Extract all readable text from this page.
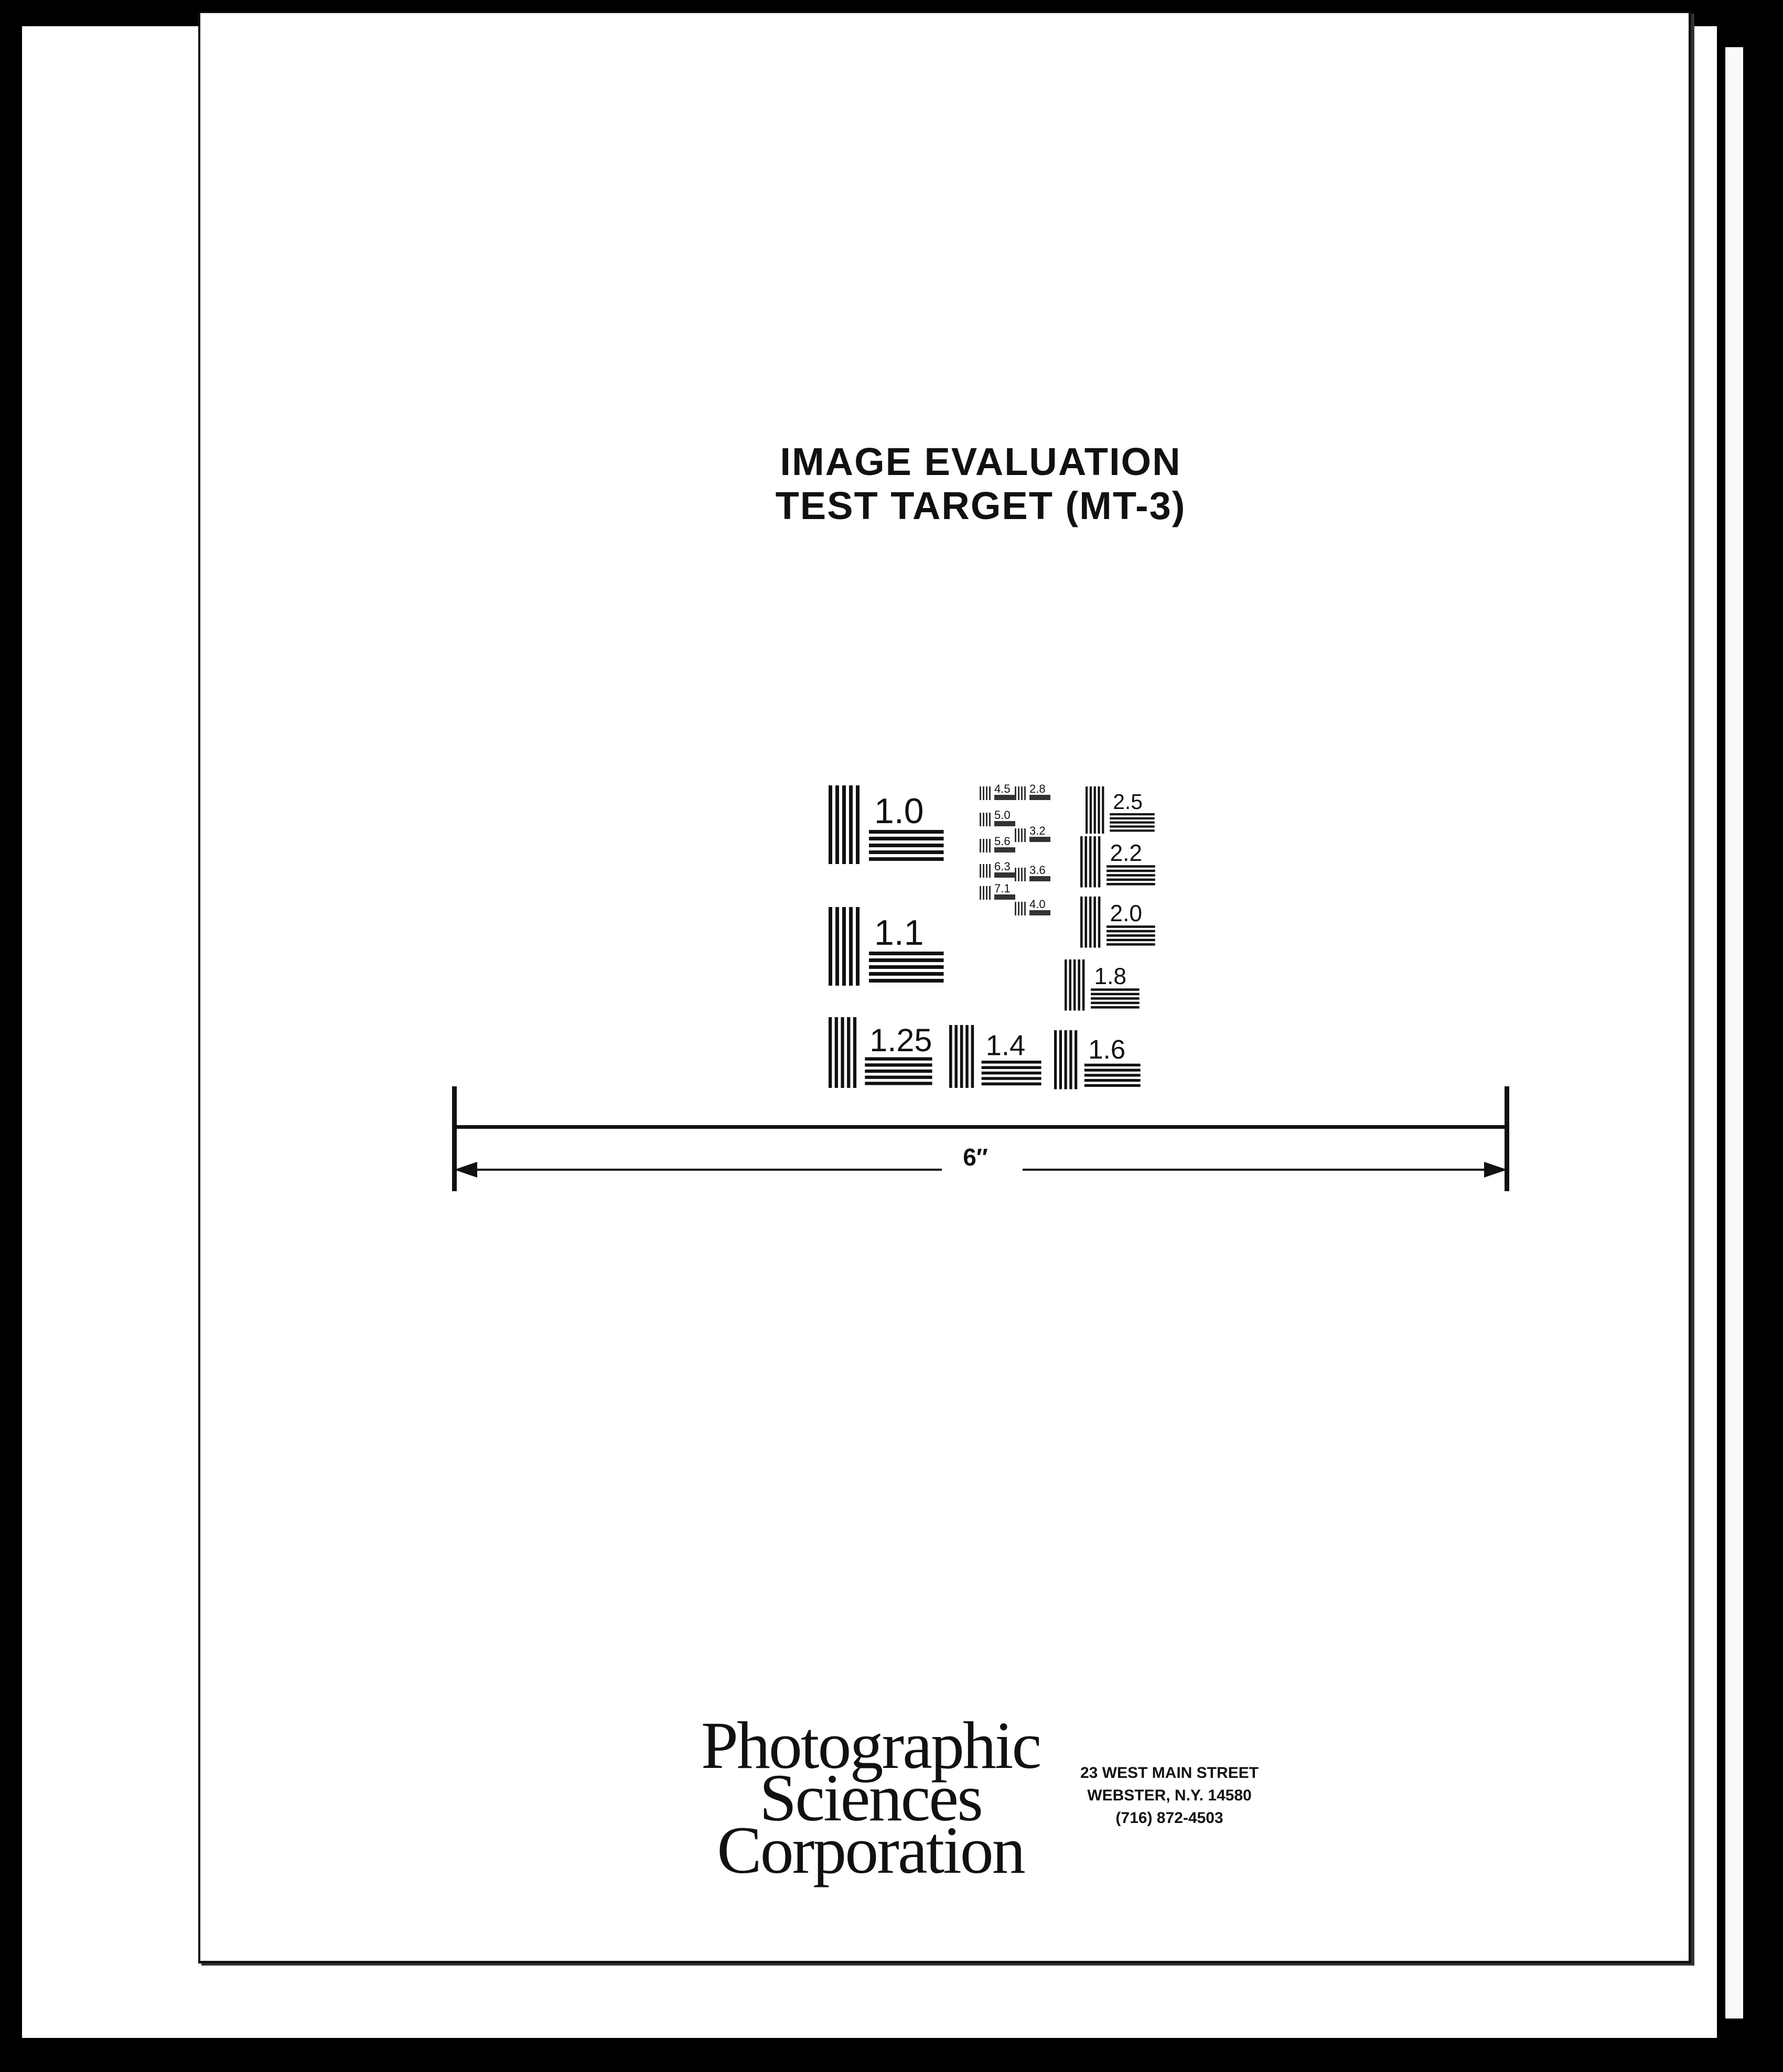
IMAGE EVALUATION
TEST TARGET (MT-3)
1.0
1.1
1.25 1.4 1.6
1.8
2.0
2.2
2.5
2.8
3.2
3.6
4.0
4.5
5.0
5.6
6.3
7.1
6″
Photographic
Sciences
Corporation
23 WEST MAIN STREET
WEBSTER, N.Y. 14580
(716) 872-4503
